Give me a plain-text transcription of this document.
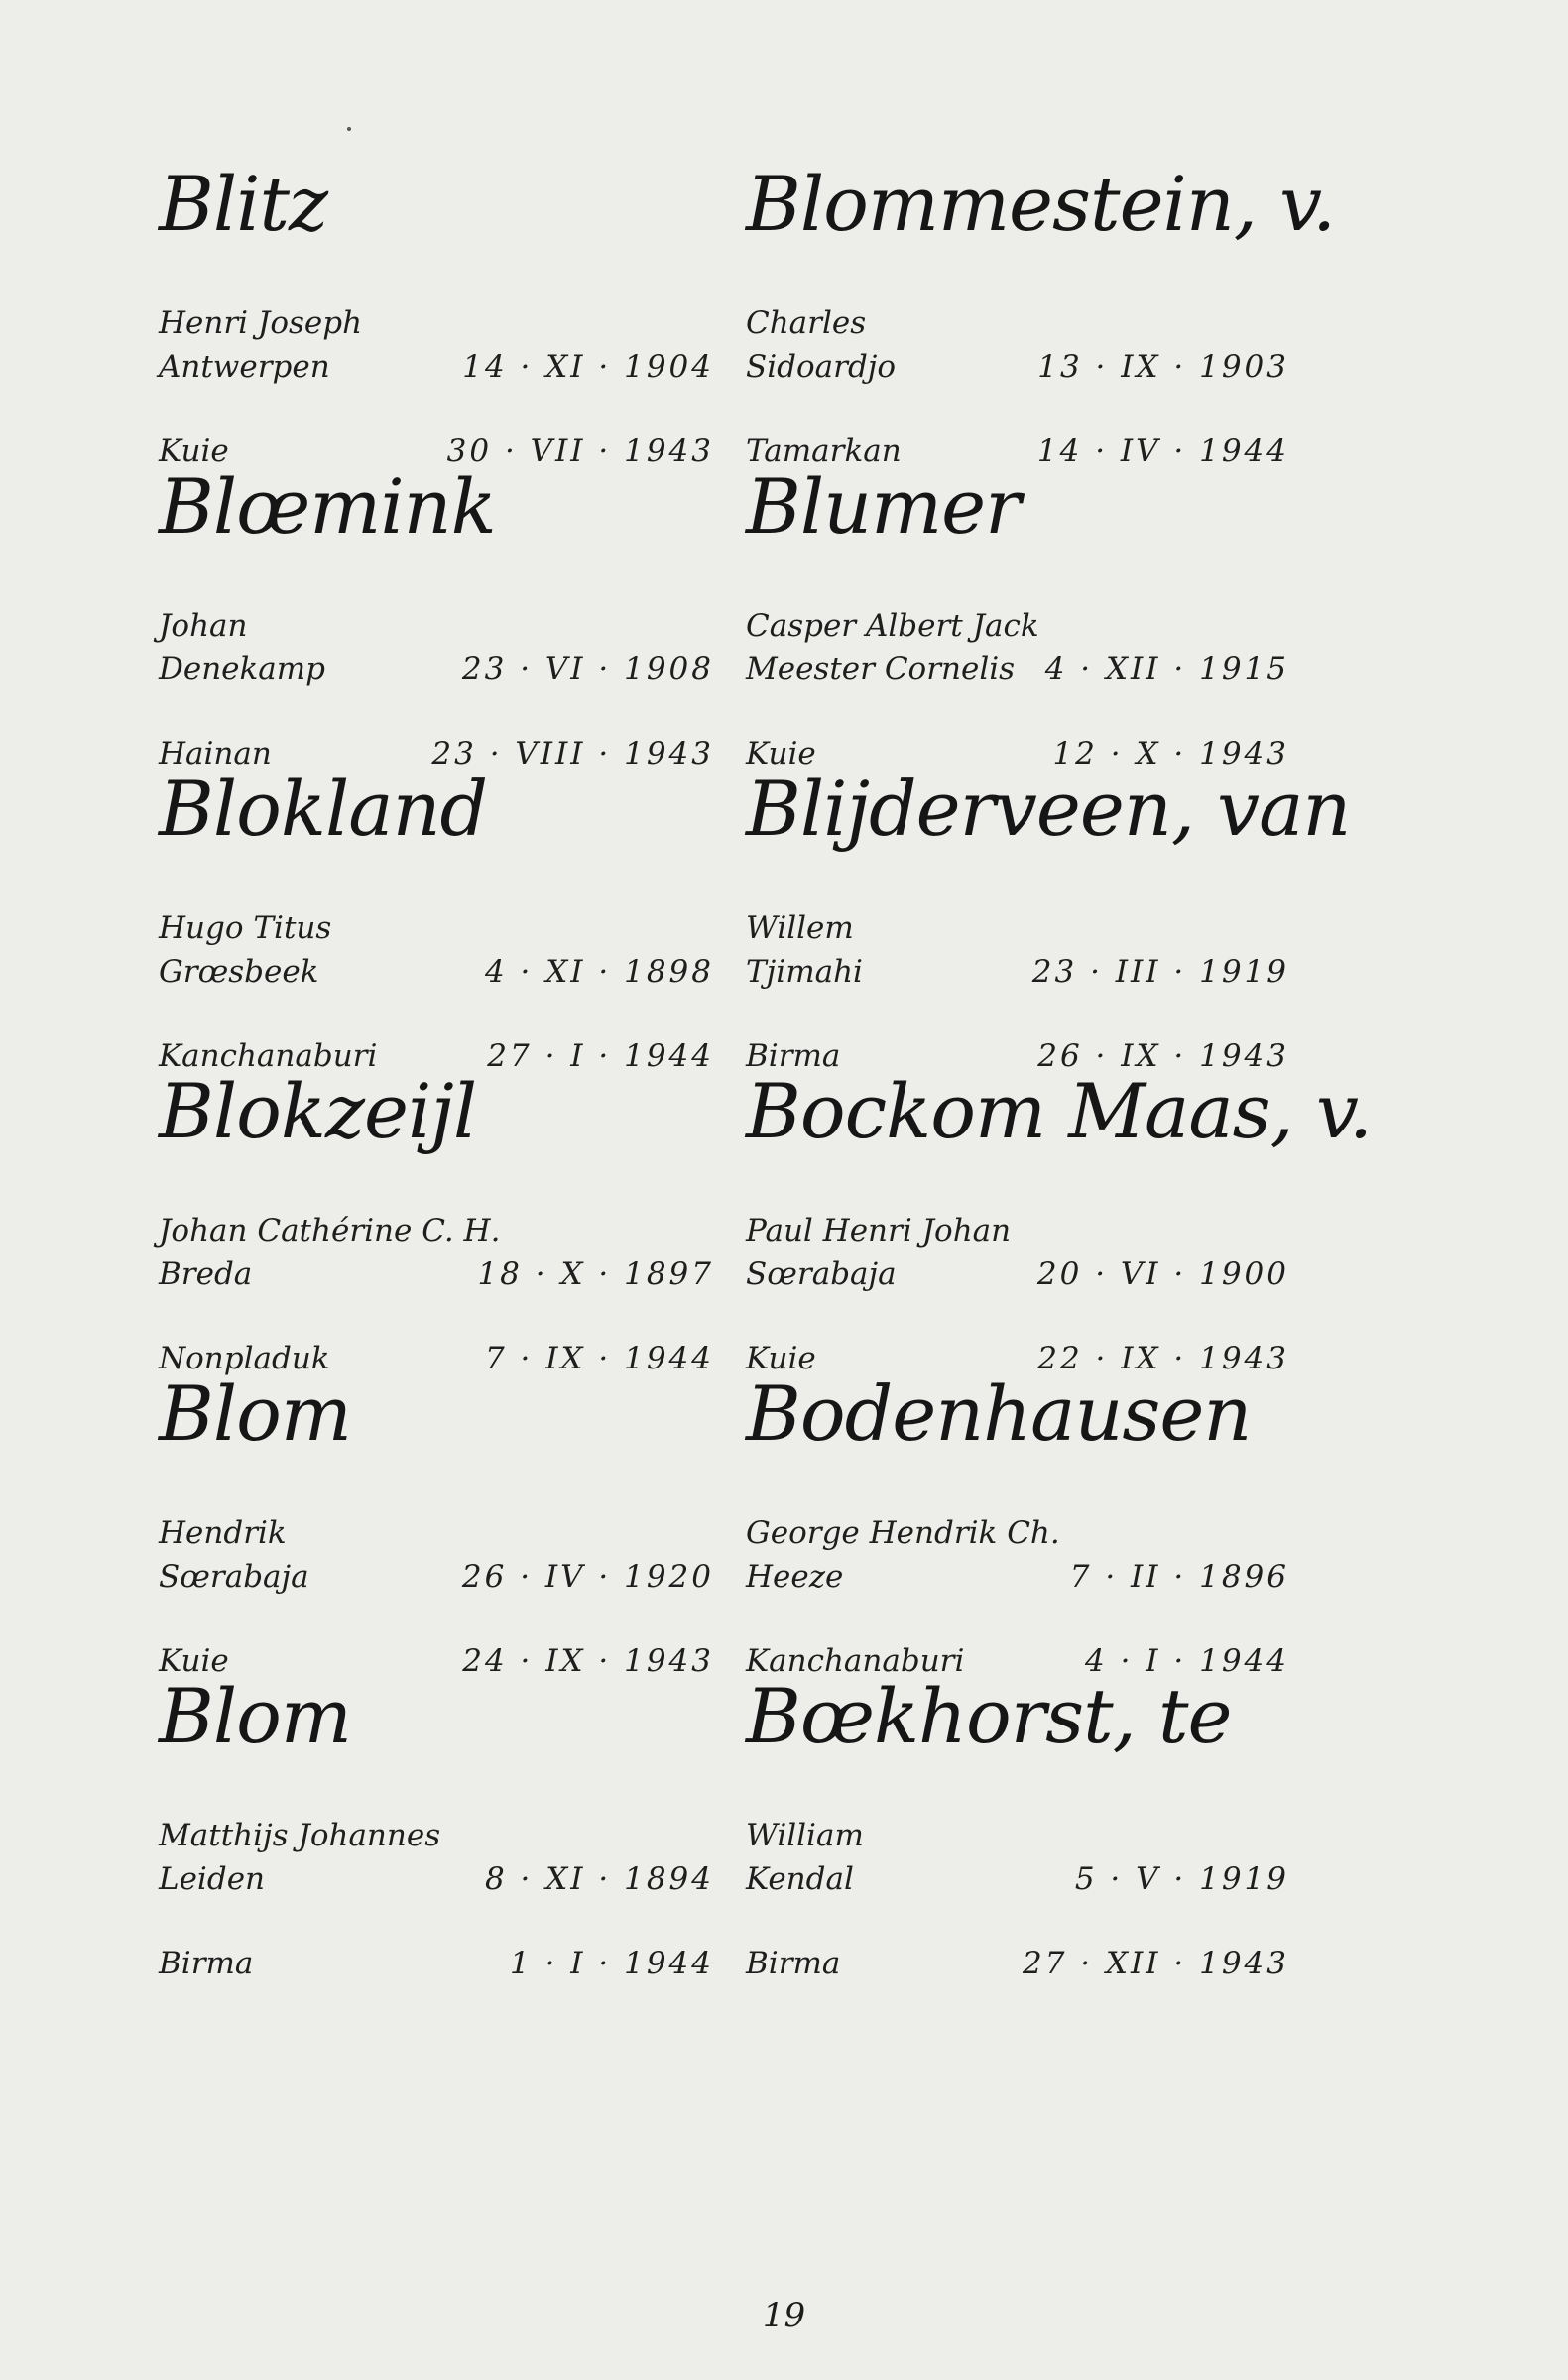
Blitz
Henri Joseph
Antwerpen	14 · XI · 1904
Kuie	30 · VII · 1943
Blœmink
Johan
Denekamp	23 · VI · 1908
Hainan	23 · VIII · 1943
Blokland
Hugo Titus
Grœsbeek	4 · XI · 1898
Kanchanaburi	27 · I · 1944
Blokzeijl
Johan Cathérine C. H.
Breda	18 · X · 1897
Nonpladuk	7 · IX · 1944
Blom
Hendrik
Sœrabaja	26 · IV · 1920
Kuie	24 · IX · 1943
Blom
Matthijs Johannes
Leiden	8 · XI · 1894
Birma	1 · I · 1944
Blommestein, v.
Charles
Sidoardjo	13 · IX · 1903
Tamarkan	14 · IV · 1944
Blumer
Casper Albert Jack
Meester Cornelis 4 · XII · 1915
Kuie	12 · X · 1943
Blijderveen, van
Willem
Tjimahi	23 · III · 1919
Birma	26 · IX · 1943
Bockom Maas, v.
Paul Henri Johan
Sœrabaja	20 · VI · 1900
Kuie	22 · IX · 1943
Bodenhausen
George Hendrik Ch.
Heeze	7 · II · 1896
Kanchanaburi	4 · I · 1944
Bœkhorst, te
William
Kendal	5 · V · 1919
Birma	27 · XII · 1943
19
